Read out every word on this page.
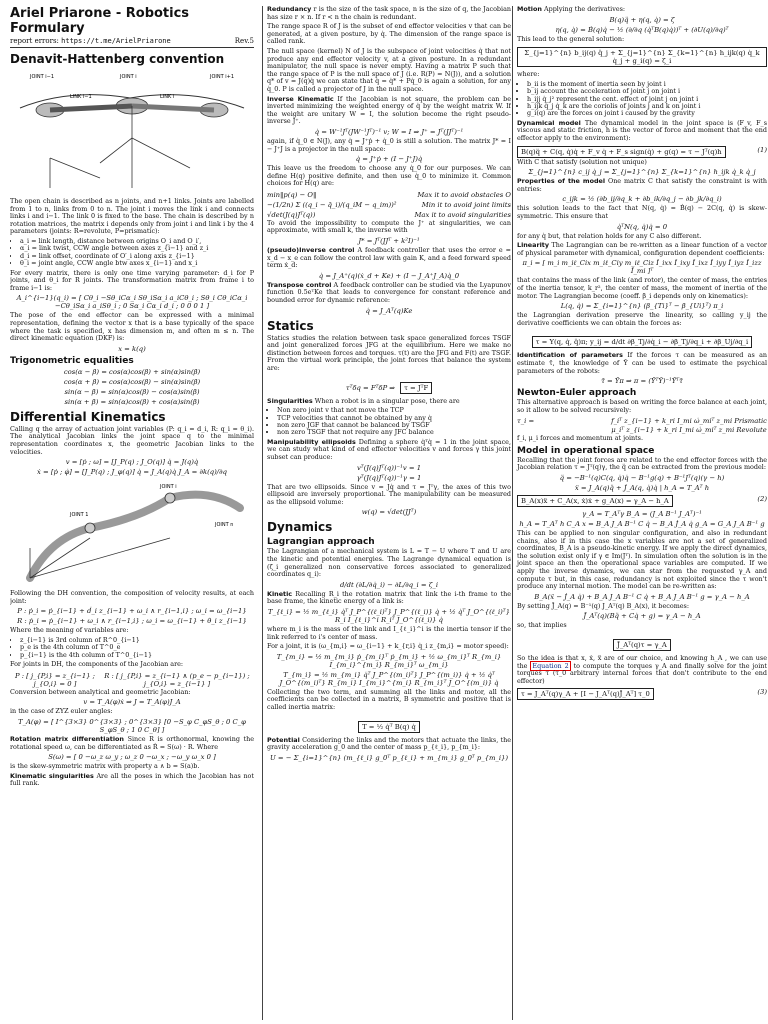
Ariel Priarone - Robotics Formulary
report errors: https://t.me/ArielPriarone	Rev.5
Denavit-Hattenberg convention
JOINT i−1	JOINT i	JOINT i+1
LINK i−1	LINK i

The open chain is described as n joints, and n+1 links. Joints are labelled from 1 to n, links from 0 to n. The joint i moves the link i and connects links i and i−1. The link 0 is fixed to the base. The chain is described by n rotation matrices, the matrix i depends only from joint i and link i by the 4 parameters (joints: R=revolute, P=prismatic):

• a_i = link length, distance between origins O_i and O_i′,
• α_i = link twist, CCW angle between axes z_{i−1} and z_i
• d_i = link offset, coordinate of O′_i along axis z_{i−1}
• θ_i = joint angle, CCW angle btw axes x_{i−1} and x_i

For every matrix, there is only one time varying parameter: d_i for P joints, and θ_i for R joints. The transformation matrix from frame i to frame i−1 is:

A_i^{i−1}(q_i) = [ Cθ_i −Sθ_iCα_i Sθ_iSα_i a_iCθ_i ; Sθ_i Cθ_iCα_i −Cθ_iSα_i a_iSθ_i ; 0 Sα_i Cα_i d_i ; 0 0 0 1 ]

The pose of the end effector can be expressed with a minimal representation, defining the vector x that is a base typically of the space where the task is specified, x has dimension m, and often m ≤ n. The direct kinematic equation (DKF) is:

x = k(q)
Trigonometric equalities
cos(α − β) = cos(α)cos(β) + sin(α)sin(β)
cos(α + β) = cos(α)cos(β) − sin(α)sin(β)
sin(α − β) = sin(α)cos(β) − cos(α)sin(β)
sin(α + β) = sin(α)cos(β) + cos(α)sin(β)
Differential Kinematics

Calling q the array of actuation joint variables (P: q_i = d_i, R: q_i = θ_i). The analytical Jacobian links the joint space q to the minimal representation coordinates x, the geometric Jacobian links to the velocities.

v = [ṗ ; ω] = [J_P(q) ; J_O(q)] q̇ = J(q)q̇
ẋ = [ṗ ; φ̇] = [J_P(q) ; J_φ(q)] q̇ = J_A(q)q̇ J_A = ∂k(q)/∂q
JOINT 1
JOINT i
JOINT n

Following the DH convention, the composition of velocity results, at each joint:

P : ṗ_i = ṗ_{i−1} + ḋ_i z_{i−1} + ω_i ∧ r_{i−1,i} ; ω_i = ω_{i−1}
R : ṗ_i = ṗ_{i−1} + ω_i ∧ r_{i−1,i} ; ω_i = ω_{i−1} + θ̇_i z_{i−1}

Where the meaning of variables are:

• z_{i−1} is 3rd column of R^0_{i−1}
• p_e is the 4th column of T^0_e
• p_{i−1} is the 4th column of T^0_{i−1}

For joints in DH, the components of the Jacobian are:

P : [ j_{P,i} = z_{i−1} ; j_{O,i} = 0 ]
R : [ j_{P,i} = z_{i−1} ∧ (p_e − p_{i−1}) ; j_{O,i} = z_{i−1} ]

Conversion between analytical and geometric Jacobian:

v = T_A(φ)ẋ ⇒ J = T_A(φ)J_A

in the case of ZYZ euler angles:

T_A(φ) = [ I^{3×3} 0^{3×3} ; 0^{3×3} [0 −S_φ C_φS_θ ; 0 C_φ S_φS_θ ; 1 0 C_θ] ]

Rotation matrix differentiation Since R is orthonormal, knowing the rotational speed ω, can be differentiated as Ṙ = S(ω) · R. Where

S(ω) = [ 0 −ω_z ω_y ; ω_z 0 −ω_x ; −ω_y ω_x 0 ]

is the skew-symmetric matrix with property a ∧ b = S(a)b.

Kinematic singularities Are all the poses in which the Jacobian has not full rank.

Redundancy r is the size of the task space, n is the size of q, the Jacobian has size r × n. If r < n the chain is redundant.

The range space R of J is the subset of end effector velocities v that can be generated, at a given posture, by q̇. The dimension of the range space is called rank.

The null space (kernel) N of J is the subspace of joint velocities q̇ that not produce any end effector velocity v, at a given posture. In a redundant manipulator, the null space is never empty. Having a matrix P such that the range space of P is the null space of J (i.e. R(P) = N(J)), and a solution q* of v = J(q)q̇ we can state that q̇ = q̇* + Pq̇_0 is again a solution, for any q̇_0. P is called a projector of J in the null space.

Inverse Kinematic If the Jacobian is not square, the problem can be inverted minimizing the weighted energy of q̇ by the weight matrix W. If the weight are unitary W = I, the solution become the right pseudo-inverse J⁺.

q̇ = W⁻¹Jᵀ(JW⁻¹Jᵀ)⁻¹ v; W = I ⇒ J⁺ = Jᵀ(JJᵀ)⁻¹

again, if q̇_0 ∈ N(J), any q̇ = J⁺ṗ + q̇_0 is still a solution. The matrix J* = I − J⁺J is a projector in the null space:

q̇ = J⁺ṗ + (I − J⁺J)q̇

This leave us the freedom to choose any q̇_0 for our purposes. We can define H(q) positive definite, and then use q̇_0 to minimize it. Common choices for H(q) are:

min‖p(q) − O‖	Max it to avoid obstacles O
−(1/2n) Σ ((q_i − q̄_i)/(q_iM − q_im))²	Min it to avoid joint limits
√det(J(q)Jᵀ(q))	Max it to avoid singularities

To avoid the impossibility to compute the J⁺ at singularities, we can approximate, with small k, the inverse with

J* = Jᵀ(JJᵀ + k²I)⁻¹

(pseudo)Inverse control A feedback controller that uses the error e = x_d − x_e can follow the control law with gain K, and a feed forward speed term ẋ_d:

q̇ = J_A⁺(q)(ẋ_d + Ke) + (I − J_A⁺J_A)q̇_0

Transpose control A feedback controller can be studied via the Lyapunov function 0.5eᵀKe that leads to convergence for constant reference and bounded error for dynamic reference:

q̇ = J_Aᵀ(q)Ke
Statics

Statics studies the relation between task space generalized forces TSGF and joint generalized forces JFG at the equilibrium. Here we make no distinction between forces and torques. τ(t) are the JFG and F(t) are TSGF. From the virtual work principle, the joint forces that balance the system are:

τᵀδq = FᵀδP ⇒ τ = JᵀF

Singularities When a robot is in a singular pose, there are

• Non zero joint v that not move the TCP
• TCP velocities that cannot be obtained by any q̇
• non zero JGF that cannot be balanced by TSGF
• non zero TSGF that not require any JFC balance

Manipulability ellipsoids Defining a sphere q̇ᵀq̇ = 1 in the joint space, we can study what kind of end effector velocities v and forces γ this joint subset can produce:

vᵀ(J(q)Jᵀ(q))⁻¹v = 1
γᵀ(J(q)Jᵀ(q))⁻¹γ = 1

That are two ellipsoids. Since v = Jq̇ and τ = Jᵀγ, the axes of this two ellipsoid are inversely proportional. The manipulability can be measured as the ellipsoid volume:

w(q) = √det(JJᵀ)
Dynamics
Lagrangian approach

The Lagrangian of a mechanical system is L = T − U where T and U are the kinetic and potential energies. The Lagrange dynamical equation is (ζ_i generalized non conservative forces associated to generalized coordinates q_i):

d/dt (∂L/∂q̇_i) − ∂L/∂q_i = ζ_i

Kinetic Recalling R_i the rotation matrix that link the i-th frame to the base frame, the kinetic energy of a link is:

T_{ℓ_i} = ½ m_{ℓ_i} q̇ᵀ J_P^{(ℓ_i)ᵀ} J_P^{(ℓ_i)} q̇ + ½ q̇ᵀ J_O^{(ℓ_i)ᵀ} R_i I_{ℓ_i}^i R_iᵀ J_O^{(ℓ_i)} q̇

where m_i is the mass of the link and I_{ℓ_i}^i is the inertia tensor if the link referred to i's center of mass.

For a joint, it is (ω_{m,i} = ω_{i−1} + k_{r,i} q̇_i z_{m,i} = motor speed):

T_{m_i} = ½ m_{m_i} ṗ_{m_i}ᵀ ṗ_{m_i} + ½ ω_{m_i}ᵀ R_{m_i} I_{m_i}^{m_i} R_{m_i}ᵀ ω_{m_i}
T_{m_i} = ½ m_{m_i} q̇ᵀ J_P^{(m_i)ᵀ} J_P^{(m_i)} q̇ + ½ q̇ᵀ J_O^{(m_i)ᵀ} R_{m_i} I_{m_i}^{m_i} R_{m_i}ᵀ J_O^{(m_i)} q̇

Collecting the two term, and summing all the links and motor, all the coefficients can be collected in a matrix, B symmetric and positive that is called inertia matrix:

T = ½ q̇ᵀ B(q) q̇

Potential Considering the links and the motors that actuate the links, the gravity acceleration g_0 and the center of mass p_{ℓ_i}, p_{m_i}:

U = − Σ_{i=1}^{n} (m_{ℓ_i} g_0ᵀ p_{ℓ_i} + m_{m_i} g_0ᵀ p_{m_i})

Motion Applying the derivatives:

B(q)q̈ + η(q, q̇) = ζ
η(q, q̇) = Ḃ(q)q̇ − ½ (∂/∂q (q̇ᵀB(q)q̇))ᵀ + (∂U(q)/∂q)ᵀ

This lead to the general solution:

Σ_{j=1}^{n} b_ij(q) q̈_j + Σ_{j=1}^{n} Σ_{k=1}^{n} h_ijk(q) q̇_k q̇_j + g_i(q) = ζ_i

where:

• b_ii is the moment of inertia seen by joint i
• b_ij account the acceleration of joint j on joint i
• h_ijj q̇_j² represent the cent. effect of joint j on joint i
• h_ijk q̇_j q̇_k are the coriolis of joints j and k on joint i
• g_i(q) are the forces on joint i caused by the gravity

Dynamical model The dynamical model in the joint space is (F_v, F_s viscous and static friction, h is the vector of force and moment that the end effector apply to the environment):

B(q)q̈ + C(q, q̇)q̇ + F_v q̇ + F_s sign(q̇) + g(q) = τ − Jᵀ(q)h	(1)

With C that satisfy (solution not unique)

Σ_{j=1}^{n} c_ij q̇_j = Σ_{j=1}^{n} Σ_{k=1}^{n} h_ijk q̇_k q̇_j

Properties of the model One matrix C that satisfy the constraint is with entries:

c_ijk = ½ (∂b_ij/∂q_k + ∂b_ik/∂q_j − ∂b_jk/∂q_i)

this solution leads to the fact that N(q, q̇) = Ḃ(q) − 2C(q, q̇) is skew-symmetric. This ensure that

q̇ᵀN(q, q̇)q̇ = 0

for any q̇ but, that relation holds for any C also different.

Linearity The Lagrangian can be re-written as a linear function of a vector of physical parameter with dynamical, configuration dependent coefficients:

π_i = [ m_i m_iℓ_Cix m_iℓ_Ciy m_iℓ_Ciz Î_ixx Î_ixy Î_ixz Î_iyy Î_iyz Î_izz Î_mi ]ᵀ

that contains the mass of the link (and rotor), the center of mass, the entries of the inertia tensor, k_r², the center of mass, the moment of inertia of the motor. The Lagrangian become (coeff. β_i depends only on kinematics):

L(q, q̇) = Σ_{i=1}^{n} (β_{Ti}ᵀ − β_{Ui}ᵀ) π_i

the Lagrangian derivation preserve the linearity, so calling y_ij the derivative coefficients we can obtain the forces as:

τ = Y(q, q̇, q̈)π; y_ij = d/dt ∂β_Tj/∂q̇_i − ∂β_Tj/∂q_i + ∂β_Uj/∂q_i

Identification of parameters If the forces τ can be measured as an estimate τ̄, the knowledge of Ȳ can be used to estimate the psychical parameters of the robots:

τ̄ = Ȳπ ⇒ π = (ȲᵀȲ)⁻¹Ȳᵀτ̄
Newton-Euler approach

This alternative approach is based on writing the force balance at each joint, so it allow to be solved recursively:

τ_i =	f_iᵀ z_{i−1} + k_ri I_mi ω̇_miᵀ z_mi Prismatic
μ_iᵀ z_{i−1} + k_ri I_mi ω̇_miᵀ z_mi Revolute

f_i, μ_i forces and momentum at joints.

Model in operational space

Recalling that the joint forces are related to the end effector forces with the Jacobian relation τ = Jᵀ(q)γ, the q̈ can be extracted from the previous model:

q̈ = −B⁻¹(q)C(q, q̇)q̇ − B⁻¹g(q) + B⁻¹Jᵀ(q)(γ − h)
ẍ = J_A(q)q̈ + J̇_A(q, q̇)q̇ | h_A = T_Aᵀ h
B_A(x)ẍ + C_A(x, ẋ)ẋ + g_A(x) = γ_A − h_A	(2)
γ_A = T_Aᵀγ B_A = (J_A B⁻¹ J_Aᵀ)⁻¹
h_A = T_Aᵀ h C_A x = B_A J_A B⁻¹ C q̇ − B_A J̇_A q̇ g_A = G_A J_A B⁻¹ g

This can be applied to non singular configuration, and also in redundant chains, also if in this case the x variables are not a set of generalized coordinates, B_A is a pseudo-kinetic energy. If we apply the direct dynamics, the solution exist only if γ ∈ Im(Jᵀ). In simulation often the solution is in the joint space an then the operational space variables are computed. If we apply the inverse dynamics, we can star from the requested γ_A and compute τ but, in this case, redundancy is not exploited since the τ won't produce any internal motion. The model can be re-written as:

B_A(ẍ − J̇_A q̇) + B_A J_A B⁻¹ C q̇ + B_A J_A B⁻¹ g = γ_A − h_A

By setting J̄_A(q) = B⁻¹(q) J_Aᵀ(q) B_A(x), it becomes:

J̄_Aᵀ(q)(Bq̈ + Cq̇ + g) = γ_A − h_A

so, that implies

J̄_Aᵀ(q)τ = γ_A

So the idea is that x, ẋ, ẍ are of our choice, and knowing h_A , we can use the Equation 2 to compute the torques γ_A and finally solve for the joint torques τ (τ_0 arbitrary internal forces that don't contribute to the end effector)

τ = J_Aᵀ(q)γ_A + [I − J_Aᵀ(q)J̄_Aᵀ] τ_0	(3)
